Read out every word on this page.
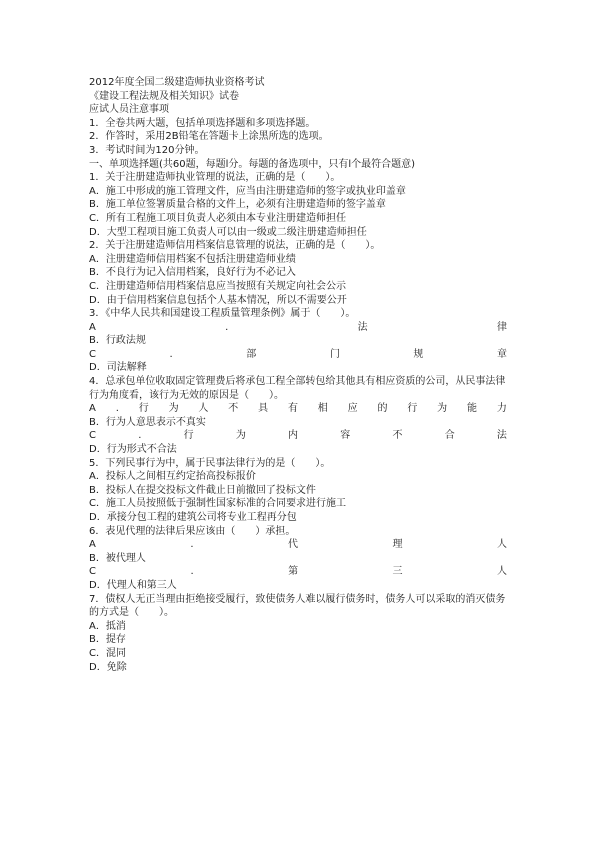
2012年度全国二级建造师执业资格考试
《建设工程法规及相关知识》试卷
应试人员注意事项
1．全卷共两大题，包括单项选择题和多项选择题。
2．作答时，采用2B铅笔在答题卡上涂黑所选的选项。
3．考试时间为120分钟。
一、单项选择题(共60题，每题l分。每题的备选项中，只有l个最符合题意)
1．关于注册建造师执业管理的说法，正确的是（　　）。
A．施工中形成的施工管理文件，应当由注册建造师的签字或执业印盖章
B．施工单位签署质量合格的文件上，必须有注册建造师的签字盖章
C．所有工程施工项目负责人必须由本专业注册建造师担任
D．大型工程项目施工负责人可以由一级或二级注册建造师担任
2．关于注册建造师信用档案信息管理的说法，正确的是（　　）。
A．注册建造师信用档案不包括注册建造师业绩
B．不良行为记入信用档案，良好行为不必记入
C．注册建造师信用档案信息应当按照有关规定向社会公示
D．由于信用档案信息包括个人基本情况，所以不需要公开
3．《中华人民共和国建设工程质量管理条例》属于（　　）。
A	.	法	律
B．行政法规
C	.	部	门	规	章
D．司法解释
4．总承包单位收取固定管理费后将承包工程全部转包给其他具有相应资质的公司，从民事法律行为角度看，该行为无效的原因是（　　）。
A . 行 为 人 不 具 有 相 应 的 行 为 能 力
B．行为人意思表示不真实
C	.	行	为	内	容	不	合	法
D．行为形式不合法
5．下列民事行为中，属于民事法律行为的是（　　）。
A．投标人之间相互约定抬高投标报价
B．投标人在提交投标文件截止日前撤回了投标文件
C．施工人员按照低于强制性国家标准的合同要求进行施工
D．承接分包工程的建筑公司将专业工程再分包
6．表见代理的法律后果应该由（　　）承担。
A	.	代	理	人
B．被代理人
C	.	第	三	人
D．代理人和第三人
7．债权人无正当理由拒绝接受履行，致使债务人难以履行债务时，债务人可以采取的消灭债务的方式是（　　）。
A．抵消
B．提存
C．混同
D．免除
